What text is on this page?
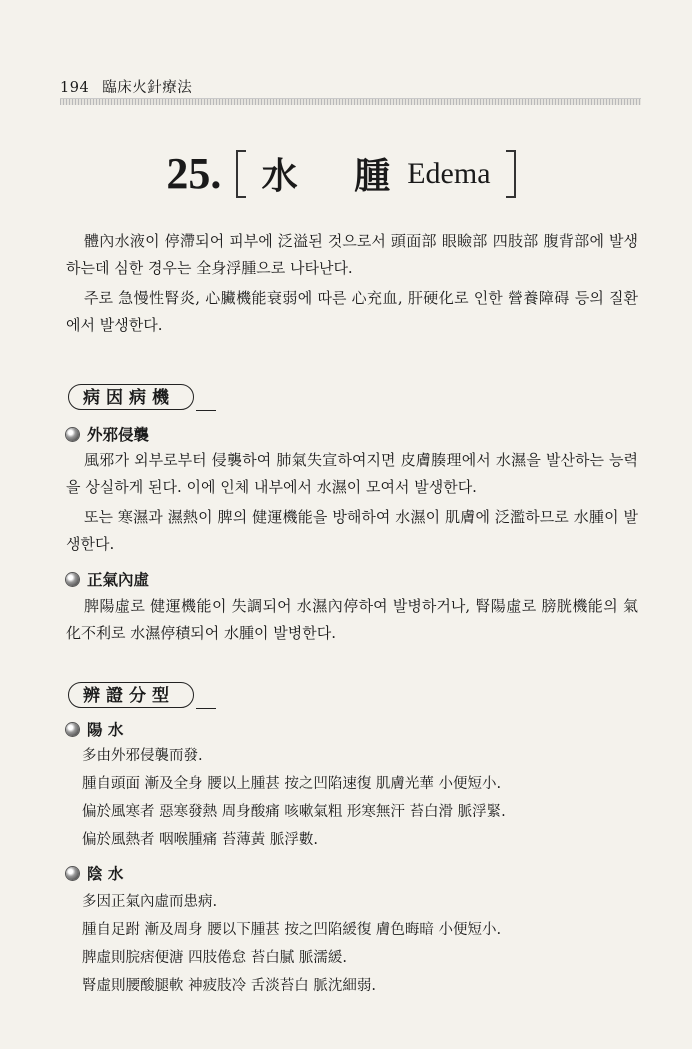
194 臨床火針療法
25. 水 腫 Edema

體內水液이 停滯되어 피부에 泛溢된 것으로서 頭面部 眼瞼部 四肢部 腹背部에 발생하는데 심한 경우는 全身浮腫으로 나타난다.

주로 急慢性腎炎, 心臟機能衰弱에 따른 心充血, 肝硬化로 인한 營養障碍 등의 질환에서 발생한다.

病因病機
外邪侵襲

風邪가 외부로부터 侵襲하여 肺氣失宣하여지면 皮膚腠理에서 水濕을 발산하는 능력을 상실하게 된다. 이에 인체 내부에서 水濕이 모여서 발생한다.

또는 寒濕과 濕熱이 脾의 健運機能을 방해하여 水濕이 肌膚에 泛濫하므로 水腫이 발생한다.

正氣內虛

脾陽虛로 健運機能이 失調되어 水濕內停하여 발병하거나, 腎陽虛로 膀胱機能의 氣化不利로 水濕停積되어 水腫이 발병한다.

辨證分型
陽 水
多由外邪侵襲而發.
腫自頭面 漸及全身 腰以上腫甚 按之凹陷速復 肌膚光華 小便短小.
偏於風寒者 惡寒發熱 周身酸痛 咳嗽氣粗 形寒無汗 苔白滑 脈浮緊.
偏於風熱者 咽喉腫痛 苔薄黃 脈浮數.
陰 水
多因正氣內虛而患病.
腫自足跗 漸及周身 腰以下腫甚 按之凹陷緩復 膚色晦暗 小便短小.
脾虛則脘痞便溏 四肢倦怠 苔白膩 脈濡緩.
腎虛則腰酸腿軟 神疲肢冷 舌淡苔白 脈沈細弱.
